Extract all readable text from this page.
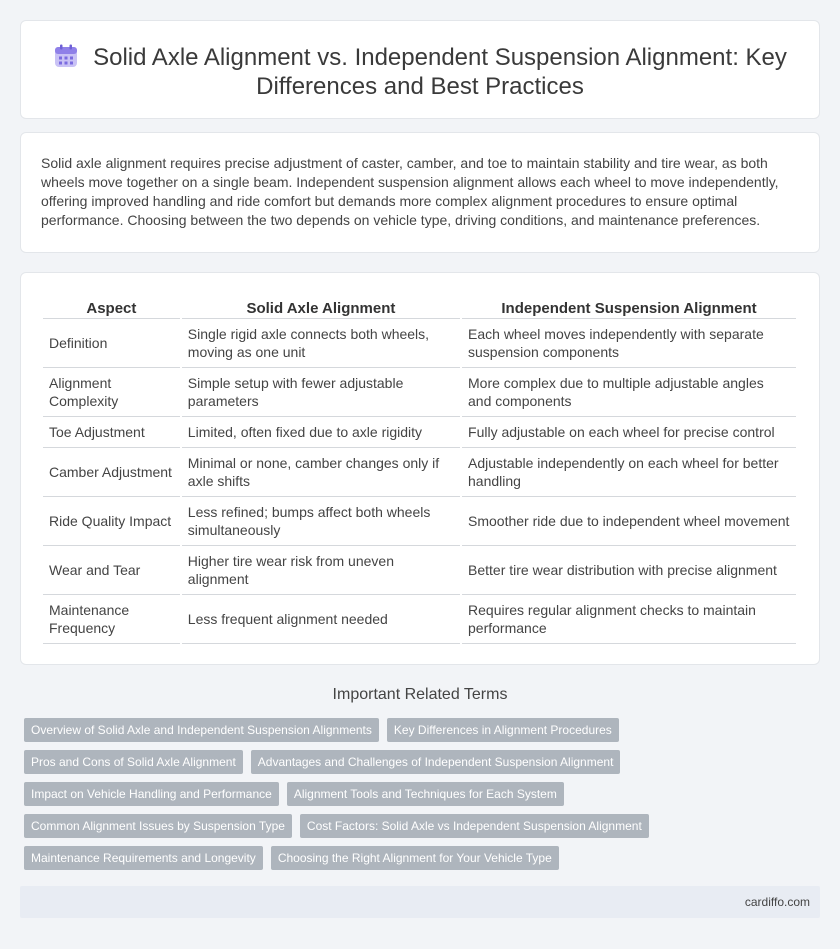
Solid Axle Alignment vs. Independent Suspension Alignment: Key Differences and Best Practices

Solid axle alignment requires precise adjustment of caster, camber, and toe to maintain stability and tire wear, as both wheels move together on a single beam. Independent suspension alignment allows each wheel to move independently, offering improved handling and ride comfort but demands more complex alignment procedures to ensure optimal performance. Choosing between the two depends on vehicle type, driving conditions, and maintenance preferences.

Aspect	Solid Axle Alignment	Independent Suspension Alignment
Definition	Single rigid axle connects both wheels, moving as one unit	Each wheel moves independently with separate suspension components
Alignment Complexity	Simple setup with fewer adjustable parameters	More complex due to multiple adjustable angles and components
Toe Adjustment	Limited, often fixed due to axle rigidity	Fully adjustable on each wheel for precise control
Camber Adjustment	Minimal or none, camber changes only if axle shifts	Adjustable independently on each wheel for better handling
Ride Quality Impact	Less refined; bumps affect both wheels simultaneously	Smoother ride due to independent wheel movement
Wear and Tear	Higher tire wear risk from uneven alignment	Better tire wear distribution with precise alignment
Maintenance Frequency	Less frequent alignment needed	Requires regular alignment checks to maintain performance
Important Related Terms
Overview of Solid Axle and Independent Suspension Alignments	Key Differences in Alignment Procedures
Pros and Cons of Solid Axle Alignment	Advantages and Challenges of Independent Suspension Alignment
Impact on Vehicle Handling and Performance	Alignment Tools and Techniques for Each System
Common Alignment Issues by Suspension Type	Cost Factors: Solid Axle vs Independent Suspension Alignment
Maintenance Requirements and Longevity	Choosing the Right Alignment for Your Vehicle Type
cardiffo.com
